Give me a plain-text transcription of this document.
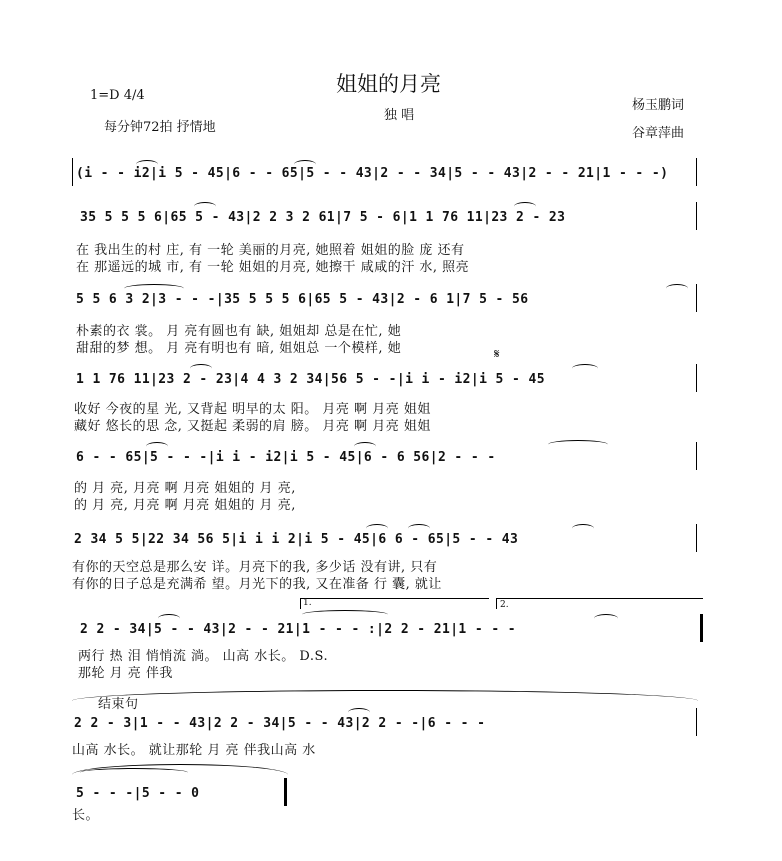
1=D 4/4
每分钟72拍 抒情地
姐姐的月亮
独 唱
杨玉鹏词
谷章萍曲
(i - - i2|i 5 - 45|6 - - 65|5 - - 43|2 - - 34|5 - - 43|2 - - 21|1 - - -)
35 5 5 5 6|65 5 - 43|2 2 3 2 61|7 5 - 6|1 1 76 11|23 2 - 23
在 我出生的村 庄, 有 一轮 美丽的月亮, 她照着 姐姐的脸 庞 还有
在 那遥远的城 市, 有 一轮 姐姐的月亮, 她擦干 咸咸的汗 水, 照亮
5 5 6 3 2|3 - - -|35 5 5 5 6|65 5 - 43|2 - 6 1|7 5 - 56
朴素的衣 裳。 月 亮有圆也有 缺, 姐姐却 总是在忙, 她
甜甜的梦 想。 月 亮有明也有 暗, 姐姐总 一个模样, 她	𝄋
1 1 76 11|23 2 - 23|4 4 3 2 34|56 5 - -|i i - i2|i 5 - 45
收好 今夜的星 光, 又背起 明早的太 阳。 月亮 啊 月亮 姐姐
藏好 悠长的思 念, 又挺起 柔弱的肩 膀。 月亮 啊 月亮 姐姐
6 - - 65|5 - - -|i i - i2|i 5 - 45|6 - 6 56|2 - - -
的 月 亮, 月亮 啊 月亮 姐姐的 月 亮,
的 月 亮, 月亮 啊 月亮 姐姐的 月 亮,
2 34 5 5|22 34 56 5|i i i 2|i 5 - 45|6 6 - 65|5 - - 43
有你的天空总是那么安 详。月亮下的我, 多少话 没有讲, 只有
有你的日子总是充满希 望。月光下的我, 又在准备 行 囊, 就让
1.	2.
2 2 - 34|5 - - 43|2 - - 21|1 - - - :|2 2 - 21|1 - - -
两行 热 泪 悄悄流 淌。 山高 水长。 D.S.
那轮 月 亮 伴我
结束句
2 2 - 3|1 - - 43|2 2 - 34|5 - - 43|2 2 - -|6 - - -
山高 水长。 就让那轮 月 亮 伴我山高 水
5 - - -|5 - - 0
长。
